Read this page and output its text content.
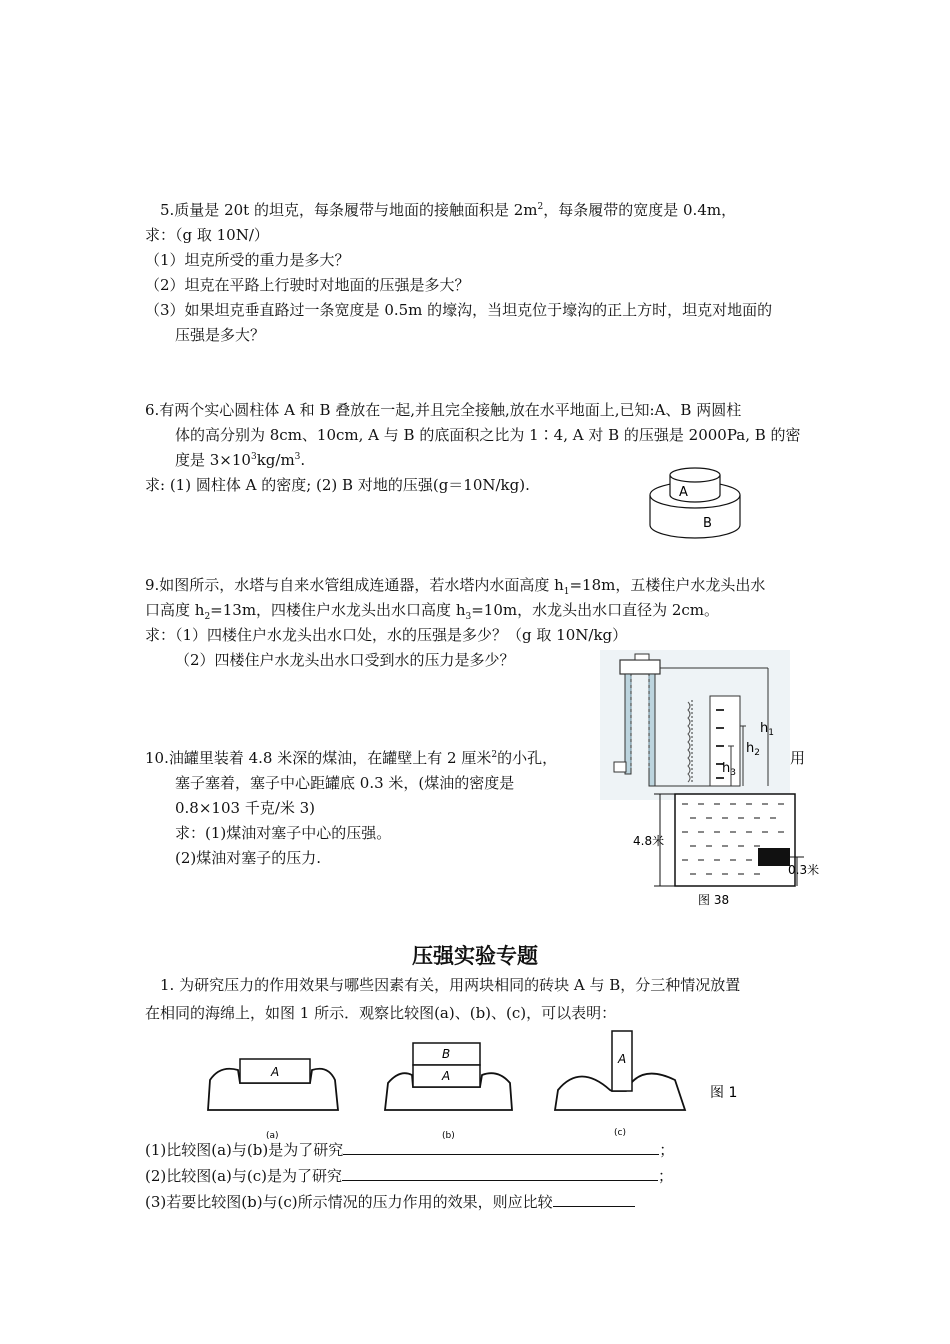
5.质量是 20t 的坦克，每条履带与地面的接触面积是 $2m^2$，每条履带的宽度是 0.4m，
求：（g 取 10N/）
（1）坦克所受的重力是多大？
（2）坦克在平路上行驶时对地面的压强是多大？
（3）如果坦克垂直路过一条宽度是 0.5m 的壕沟，当坦克位于壕沟的正上方时，坦克对地面的
压强是多大？
6.有两个实心圆柱体 A 和 B 叠放在一起,并且完全接触,放在水平地面上,已知:A、B 两圆柱
体的高分别为 8cm、10cm, A 与 B 的底面积之比为 1∶4, A 对 B 的压强是 2000Pa, B 的密
度是 $3\times 10^3kg/m^3$.
求: (1) 圆柱体 A 的密度; (2) B 对地的压强(g＝10N/kg).	A
B
9.如图所示，水塔与自来水管组成连通器，若水塔内水面高度 $h_1=18m$，五楼住户水龙头出水
口高度 $h_2=13m$，四楼住户水龙头出水口高度 $h_3=10m$，水龙头出水口直径为 2cm。
求：（1）四楼住户水龙头出水口处，水的压强是多少？（g 取 10N/kg）
（2）四楼住户水龙头出水口受到水的压力是多少？
$h_1$
$h_2$
$h_3$
10.油罐里装着 4.8 米深的煤油，在罐壁上有 2 厘米$^2$的小孔，	用
塞子塞着，塞子中心距罐底 0.3 米，(煤油的密度是
0.8×103 千克/米 3)
求：(1)煤油对塞子中心的压强。
(2)煤油对塞子的压力.
4.8米
0.3米
图 38
压强实验专题
1. 为研究压力的作用效果与哪些因素有关，用两块相同的砖块 A 与 B，分三种情况放置
在相同的海绵上，如图 1 所示．观察比较图(a)、(b)、(c)，可以表明：
A
(a)
B
A
(b)
A
(c)
图 1
(1)比较图(a)与(b)是为了研究	；
(2)比较图(a)与(c)是为了研究	；
(3)若要比较图(b)与(c)所示情况的压力作用的效果，则应比较
